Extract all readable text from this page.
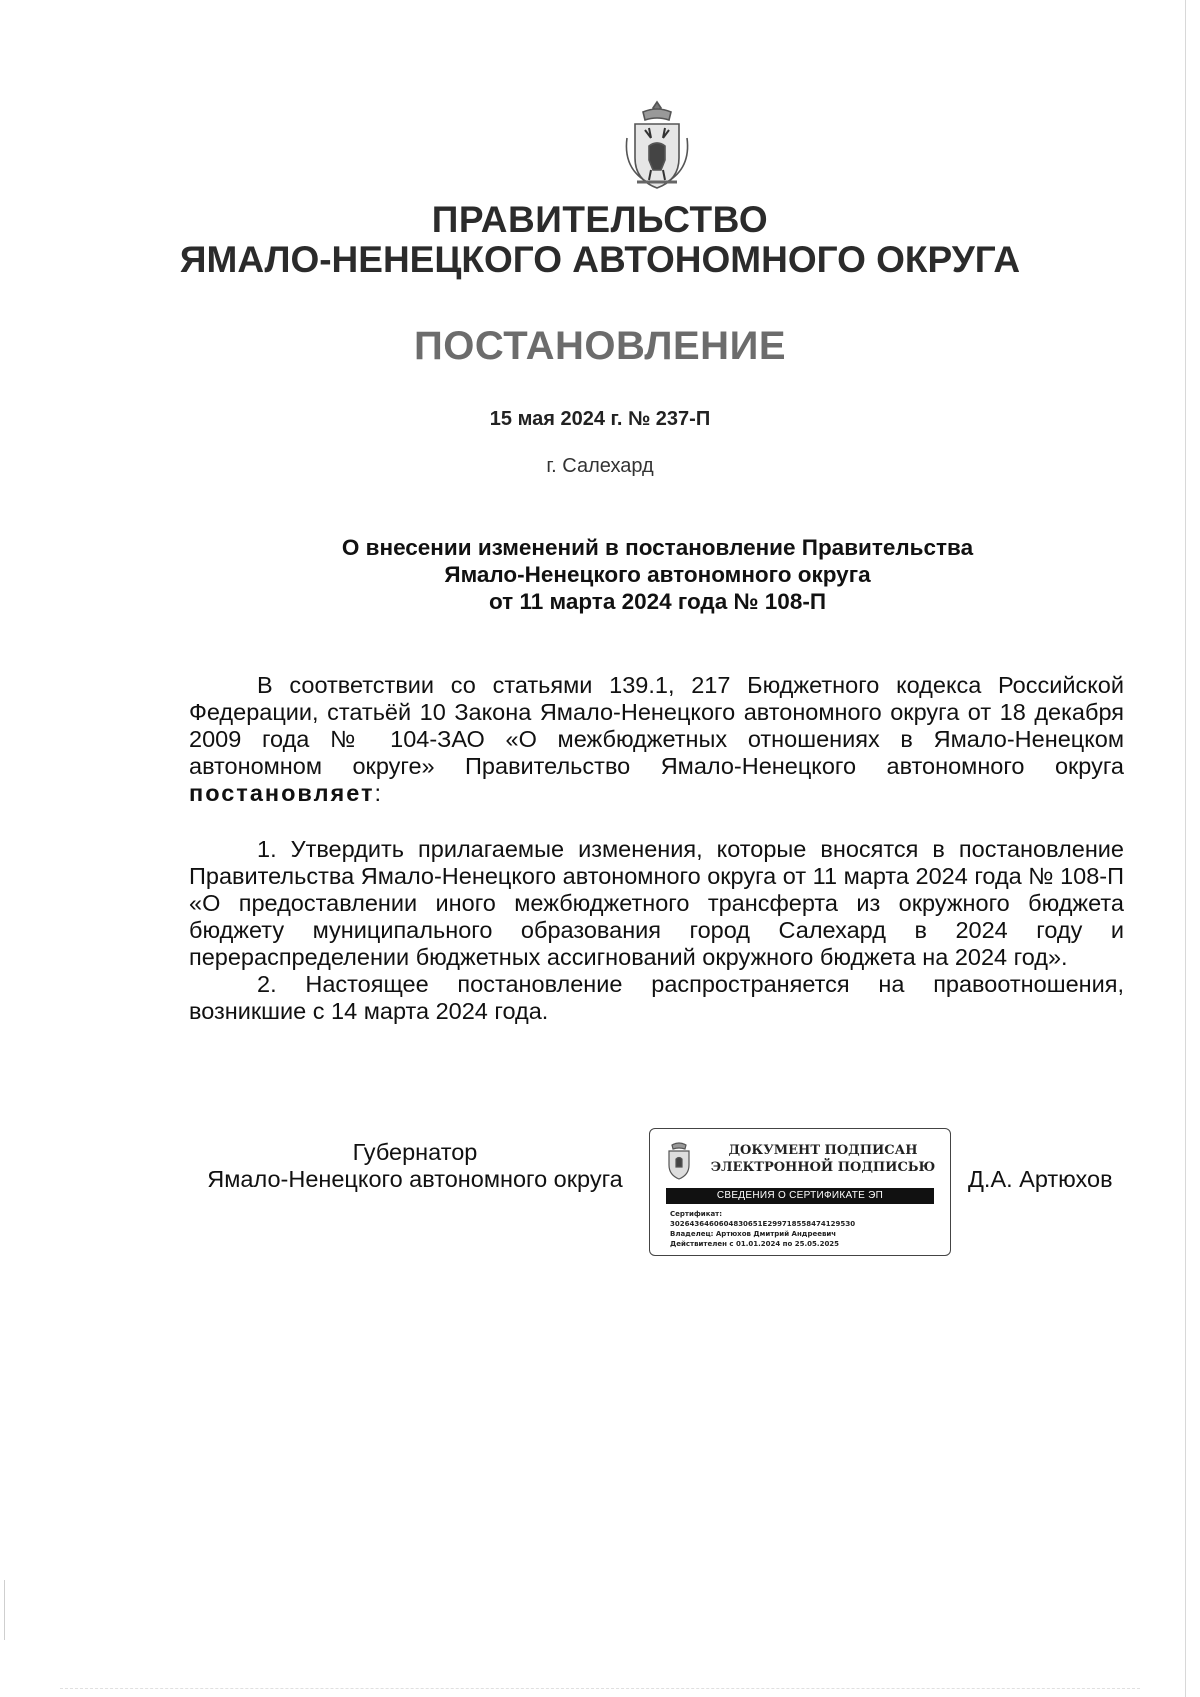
ПРАВИТЕЛЬСТВО
ЯМАЛО-НЕНЕЦКОГО АВТОНОМНОГО ОКРУГА
ПОСТАНОВЛЕНИЕ
15 мая 2024 г. № 237-П
г. Салехард
О внесении изменений в постановление Правительства
Ямало-Ненецкого автономного округа
от 11 марта 2024 года № 108-П

В соответствии со статьями 139.1, 217 Бюджетного кодекса Российской Федерации, статьёй 10 Закона Ямало-Ненецкого автономного округа от 18 декабря 2009 года № 104-ЗАО «О межбюджетных отношениях в Ямало-Ненецком автономном округе» Правительство Ямало-Ненецкого автономного округа постановляет:

1. Утвердить прилагаемые изменения, которые вносятся в постановление Правительства Ямало-Ненецкого автономного округа от 11 марта 2024 года № 108-П «О предоставлении иного межбюджетного трансферта из окружного бюджета бюджету муниципального образования город Салехард в 2024 году и перераспределении бюджетных ассигнований окружного бюджета на 2024 год».

2. Настоящее постановление распространяется на правоотношения, возникшие с 14 марта 2024 года.

Губернатор
Ямало-Ненецкого автономного округа
ДОКУМЕНТ ПОДПИСАН
ЭЛЕКТРОННОЙ ПОДПИСЬЮ
СВЕДЕНИЯ О СЕРТИФИКАТЕ ЭП
Сертификат:
3026436460604830651E2997185584741295З0
Владелец: Артюхов Дмитрий Андреевич
Действителен с 01.01.2024 по 25.05.2025
Д.А. Артюхов
